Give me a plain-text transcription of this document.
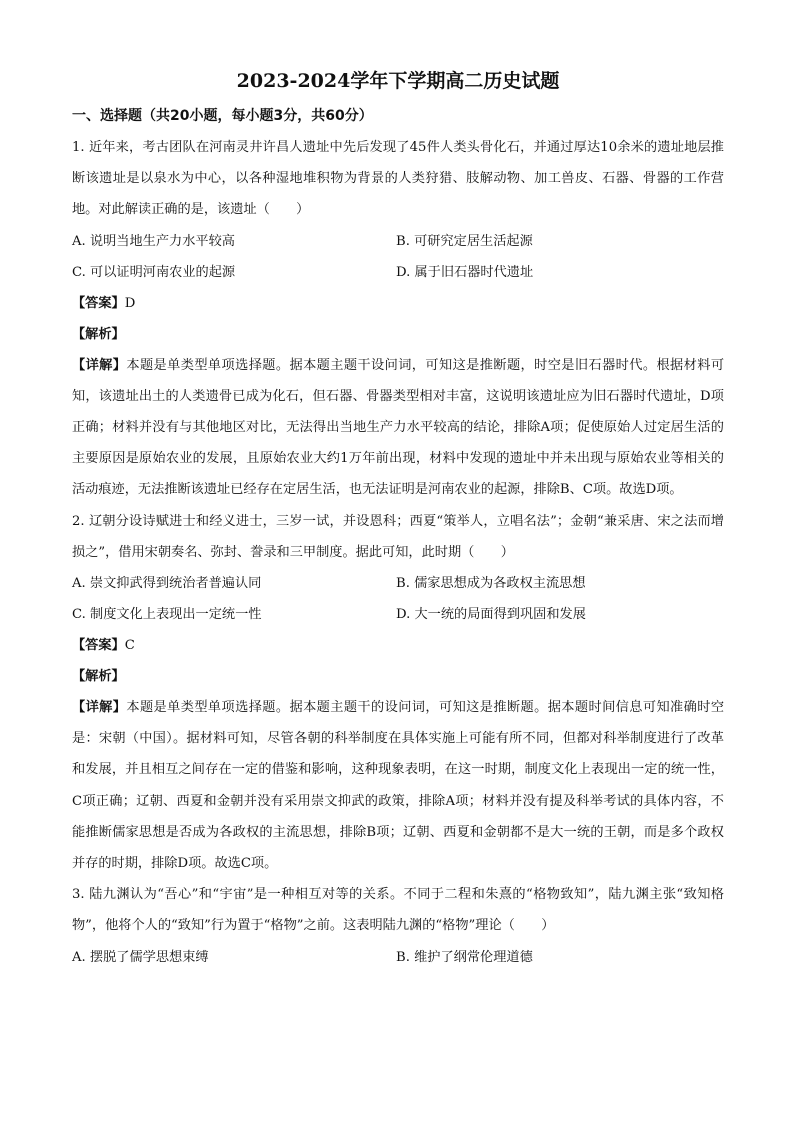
2023-2024学年下学期高二历史试题
一、选择题（共20小题，每小题3分，共60分）

1. 近年来，考古团队在河南灵井许昌人遗址中先后发现了45件人类头骨化石，并通过厚达10余米的遗址地层推断该遗址是以泉水为中心，以各种湿地堆积物为背景的人类狩猎、肢解动物、加工兽皮、石器、骨器的工作营地。对此解读正确的是，该遗址（　　）

A. 说明当地生产力水平较高	B. 可研究定居生活起源
C. 可以证明河南农业的起源	D. 属于旧石器时代遗址
【答案】D
【解析】

【详解】本题是单类型单项选择题。据本题主题干设问词，可知这是推断题，时空是旧石器时代。根据材料可知，该遗址出土的人类遗骨已成为化石，但石器、骨器类型相对丰富，这说明该遗址应为旧石器时代遗址，D项正确；材料并没有与其他地区对比，无法得出当地生产力水平较高的结论，排除A项；促使原始人过定居生活的主要原因是原始农业的发展，且原始农业大约1万年前出现，材料中发现的遗址中并未出现与原始农业等相关的活动痕迹，无法推断该遗址已经存在定居生活，也无法证明是河南农业的起源，排除B、C项。故选D项。

2. 辽朝分设诗赋进士和经义进士，三岁一试，并设恩科；西夏“策举人，立唱名法”；金朝“兼采唐、宋之法而增损之”，借用宋朝奏名、弥封、誊录和三甲制度。据此可知，此时期（　　）

A. 崇文抑武得到统治者普遍认同	B. 儒家思想成为各政权主流思想
C. 制度文化上表现出一定统一性	D. 大一统的局面得到巩固和发展
【答案】C
【解析】

【详解】本题是单类型单项选择题。据本题主题干的设问词，可知这是推断题。据本题时间信息可知准确时空是：宋朝（中国）。据材料可知，尽管各朝的科举制度在具体实施上可能有所不同，但都对科举制度进行了改革和发展，并且相互之间存在一定的借鉴和影响，这种现象表明，在这一时期，制度文化上表现出一定的统一性，C项正确；辽朝、西夏和金朝并没有采用崇文抑武的政策，排除A项；材料并没有提及科举考试的具体内容，不能推断儒家思想是否成为各政权的主流思想，排除B项；辽朝、西夏和金朝都不是大一统的王朝，而是多个政权并存的时期，排除D项。故选C项。

3. 陆九渊认为“吾心”和“宇宙”是一种相互对等的关系。不同于二程和朱熹的“格物致知”，陆九渊主张“致知格物”，他将个人的“致知”行为置于“格物”之前。这表明陆九渊的“格物”理论（　　）

A. 摆脱了儒学思想束缚	B. 维护了纲常伦理道德
